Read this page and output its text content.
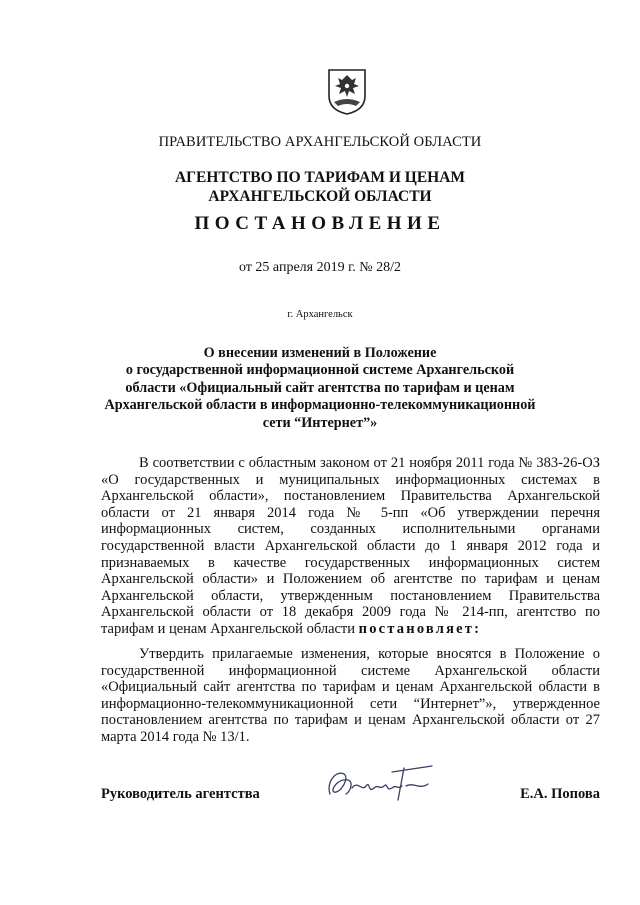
ПРАВИТЕЛЬСТВО АРХАНГЕЛЬСКОЙ ОБЛАСТИ
АГЕНТСТВО ПО ТАРИФАМ И ЦЕНАМ
АРХАНГЕЛЬСКОЙ ОБЛАСТИ
ПОСТАНОВЛЕНИЕ
от 25 апреля 2019 г. № 28/2
г. Архангельск
О внесении изменений в Положение
о государственной информационной системе Архангельской
области «Официальный сайт агентства по тарифам и ценам
Архангельской области в информационно-телекоммуникационной
сети “Интернет”»

В соответствии с областным законом от 21 ноября 2011 года № 383-26-ОЗ «О государственных и муниципальных информационных системах в Архангельской области», постановлением Правительства Архангельской области от 21 января 2014 года № 5-пп «Об утверждении перечня информационных систем, созданных исполнительными органами государственной власти Архангельской области до 1 января 2012 года и признаваемых в качестве государственных информационных систем Архангельской области» и Положением об агентстве по тарифам и ценам Архангельской области, утвержденным постановлением Правительства Архангельской области от 18 декабря 2009 года № 214-пп, агентство по тарифам и ценам Архангельской области постановляет:

Утвердить прилагаемые изменения, которые вносятся в Положение о государственной информационной системе Архангельской области «Официальный сайт агентства по тарифам и ценам Архангельской области в информационно-телекоммуникационной сети “Интернет”», утвержденное постановлением агентства по тарифам и ценам Архангельской области от 27 марта 2014 года № 13/1.

Руководитель агентства	Е.А. Попова
